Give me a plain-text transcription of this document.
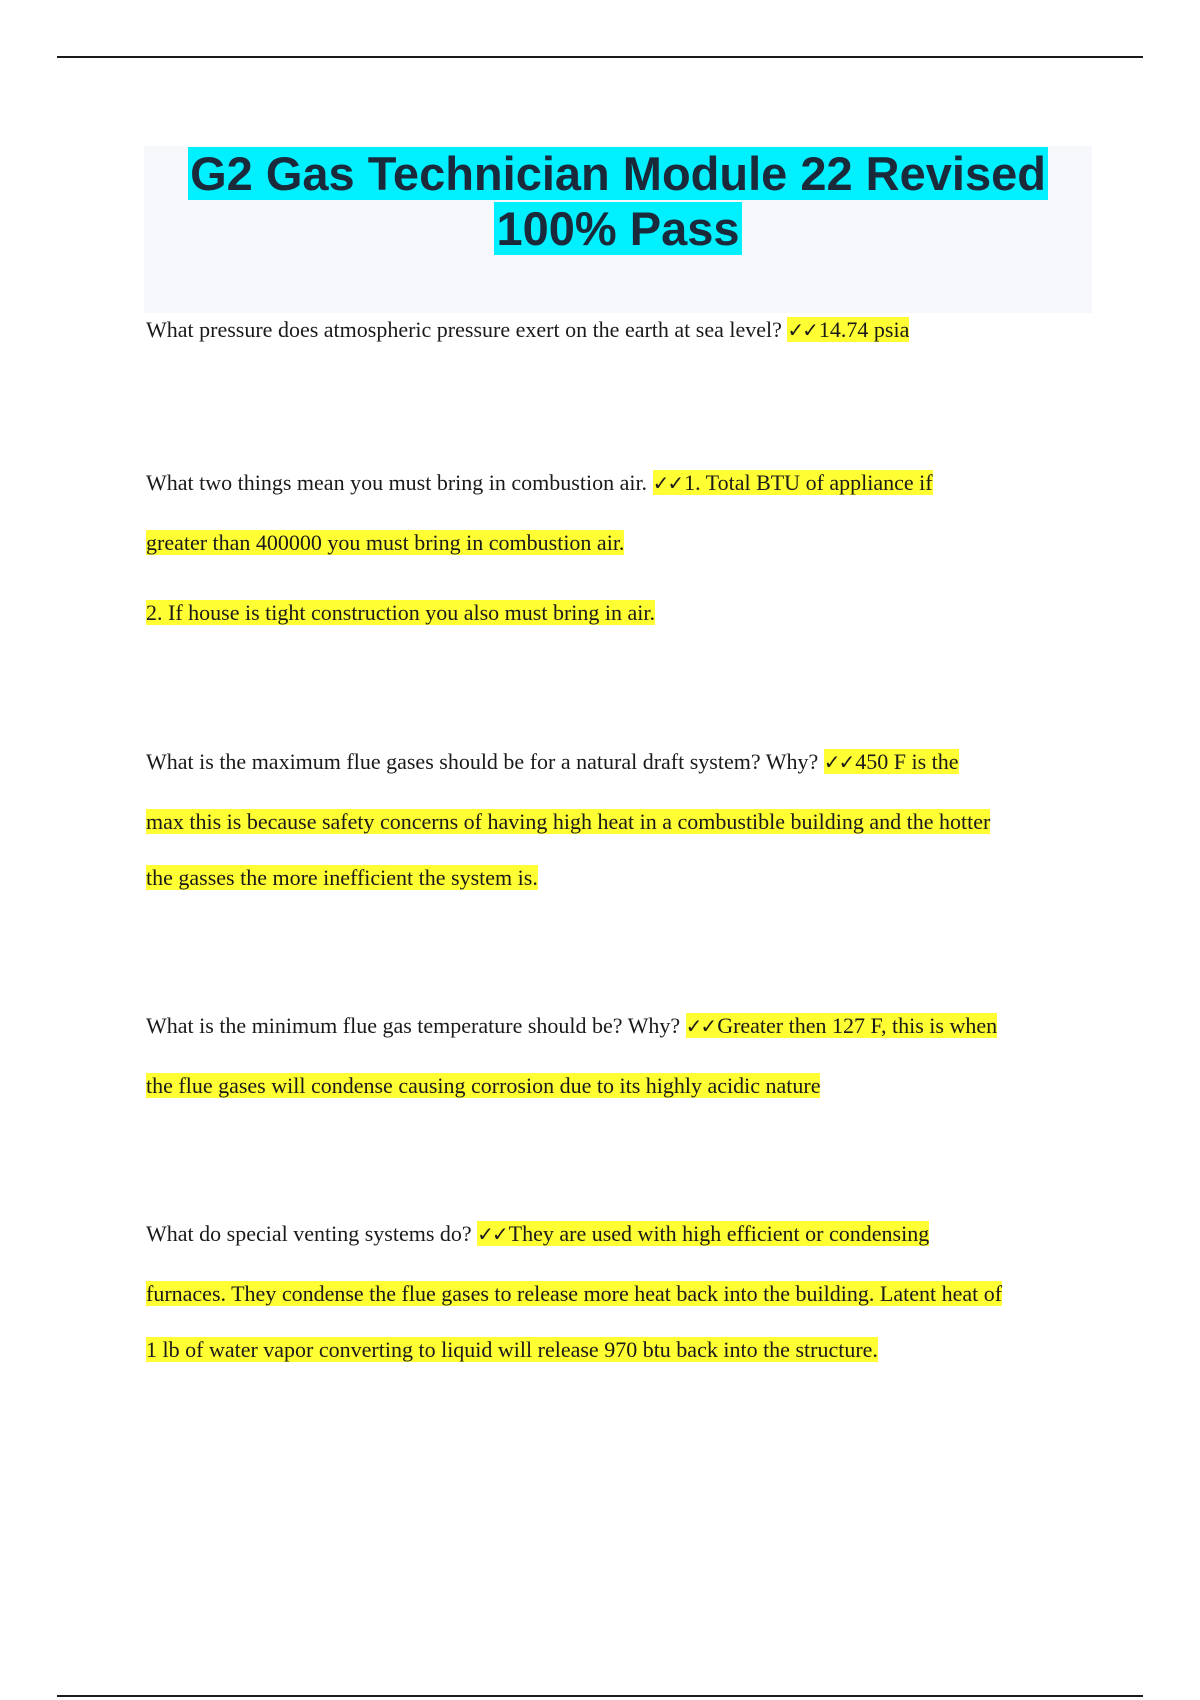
G2 Gas Technician Module 22 Revised
100% Pass
What pressure does atmospheric pressure exert on the earth at sea level? ✓✓14.74 psia
What two things mean you must bring in combustion air. ✓✓1. Total BTU of appliance if
greater than 400000 you must bring in combustion air.
2. If house is tight construction you also must bring in air.
What is the maximum flue gases should be for a natural draft system? Why? ✓✓450 F is the
max this is because safety concerns of having high heat in a combustible building and the hotter
the gasses the more inefficient the system is.
What is the minimum flue gas temperature should be? Why? ✓✓Greater then 127 F, this is when
the flue gases will condense causing corrosion due to its highly acidic nature
What do special venting systems do? ✓✓They are used with high efficient or condensing
furnaces. They condense the flue gases to release more heat back into the building. Latent heat of
1 lb of water vapor converting to liquid will release 970 btu back into the structure.
